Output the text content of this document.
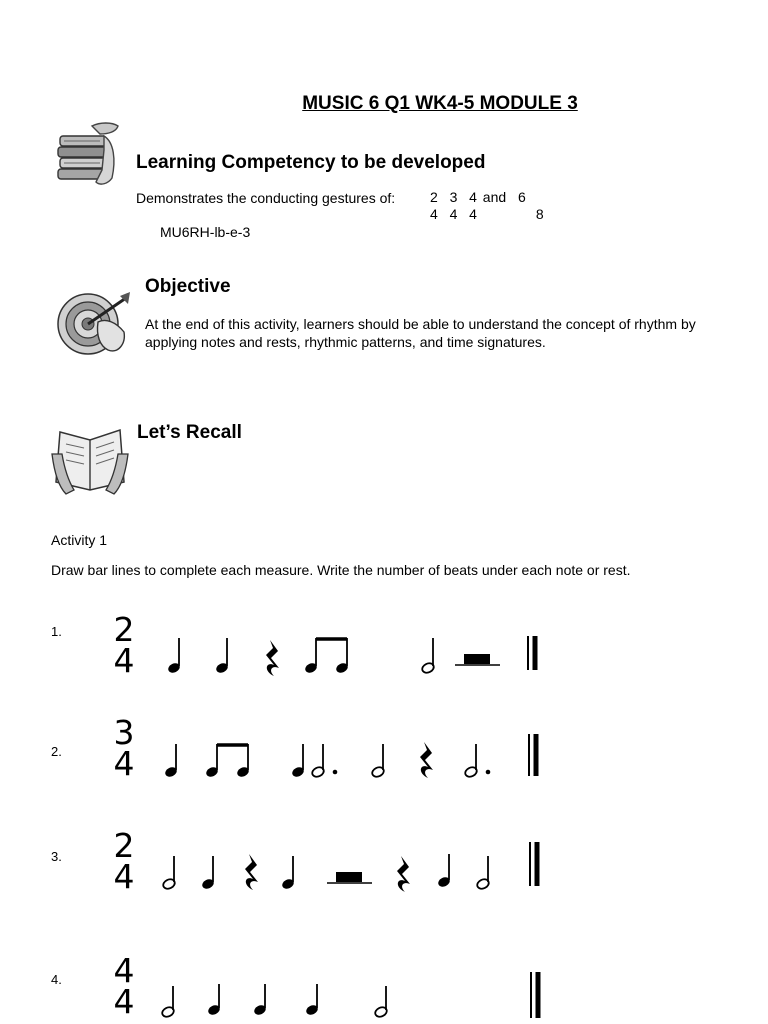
MUSIC 6 Q1 WK4-5 MODULE 3
Learning Competency to be developed
Demonstrates the conducting gestures of: 2  3  4 and  6
4  4  4          8
MU6RH-lb-e-3
Objective
At the end of this activity, learners should be able to understand the concept of rhythm by applying notes and rests, rhythmic patterns, and time signatures.
Let’s Recall
Activity 1
Draw bar lines to complete each measure. Write the number of beats under each note or rest.
1. 2
4
2. 3
4
3. 2
4
4. 4
4
